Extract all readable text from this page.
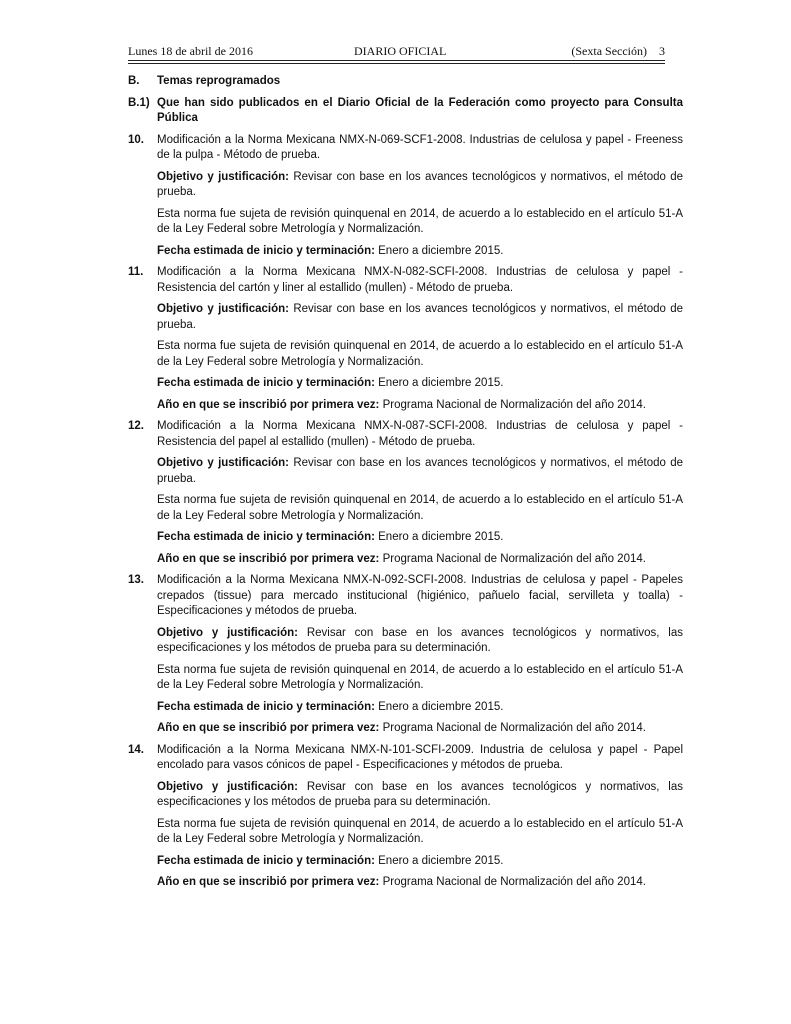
Lunes 18 de abril de 2016	DIARIO OFICIAL	(Sexta Sección) 3
B.	Temas reprogramados
B.1) Que han sido publicados en el Diario Oficial de la Federación como proyecto para Consulta Pública
10.	Modificación a la Norma Mexicana NMX-N-069-SCF1-2008. Industrias de celulosa y papel - Freeness de la pulpa - Método de prueba.
Objetivo y justificación: Revisar con base en los avances tecnológicos y normativos, el método de prueba.
Esta norma fue sujeta de revisión quinquenal en 2014, de acuerdo a lo establecido en el artículo 51-A de la Ley Federal sobre Metrología y Normalización.
Fecha estimada de inicio y terminación: Enero a diciembre 2015.
11.	Modificación a la Norma Mexicana NMX-N-082-SCFI-2008. Industrias de celulosa y papel - Resistencia del cartón y liner al estallido (mullen) - Método de prueba.
Objetivo y justificación: Revisar con base en los avances tecnológicos y normativos, el método de prueba.
Esta norma fue sujeta de revisión quinquenal en 2014, de acuerdo a lo establecido en el artículo 51-A de la Ley Federal sobre Metrología y Normalización.
Fecha estimada de inicio y terminación: Enero a diciembre 2015.
Año en que se inscribió por primera vez: Programa Nacional de Normalización del año 2014.
12.	Modificación a la Norma Mexicana NMX-N-087-SCFI-2008. Industrias de celulosa y papel - Resistencia del papel al estallido (mullen) - Método de prueba.
Objetivo y justificación: Revisar con base en los avances tecnológicos y normativos, el método de prueba.
Esta norma fue sujeta de revisión quinquenal en 2014, de acuerdo a lo establecido en el artículo 51-A de la Ley Federal sobre Metrología y Normalización.
Fecha estimada de inicio y terminación: Enero a diciembre 2015.
Año en que se inscribió por primera vez: Programa Nacional de Normalización del año 2014.
13.	Modificación a la Norma Mexicana NMX-N-092-SCFI-2008. Industrias de celulosa y papel - Papeles crepados (tissue) para mercado institucional (higiénico, pañuelo facial, servilleta y toalla) - Especificaciones y métodos de prueba.
Objetivo y justificación: Revisar con base en los avances tecnológicos y normativos, las especificaciones y los métodos de prueba para su determinación.
Esta norma fue sujeta de revisión quinquenal en 2014, de acuerdo a lo establecido en el artículo 51-A de la Ley Federal sobre Metrología y Normalización.
Fecha estimada de inicio y terminación: Enero a diciembre 2015.
Año en que se inscribió por primera vez: Programa Nacional de Normalización del año 2014.
14.	Modificación a la Norma Mexicana NMX-N-101-SCFI-2009. Industria de celulosa y papel - Papel encolado para vasos cónicos de papel - Especificaciones y métodos de prueba.
Objetivo y justificación: Revisar con base en los avances tecnológicos y normativos, las especificaciones y los métodos de prueba para su determinación.
Esta norma fue sujeta de revisión quinquenal en 2014, de acuerdo a lo establecido en el artículo 51-A de la Ley Federal sobre Metrología y Normalización.
Fecha estimada de inicio y terminación: Enero a diciembre 2015.
Año en que se inscribió por primera vez: Programa Nacional de Normalización del año 2014.
